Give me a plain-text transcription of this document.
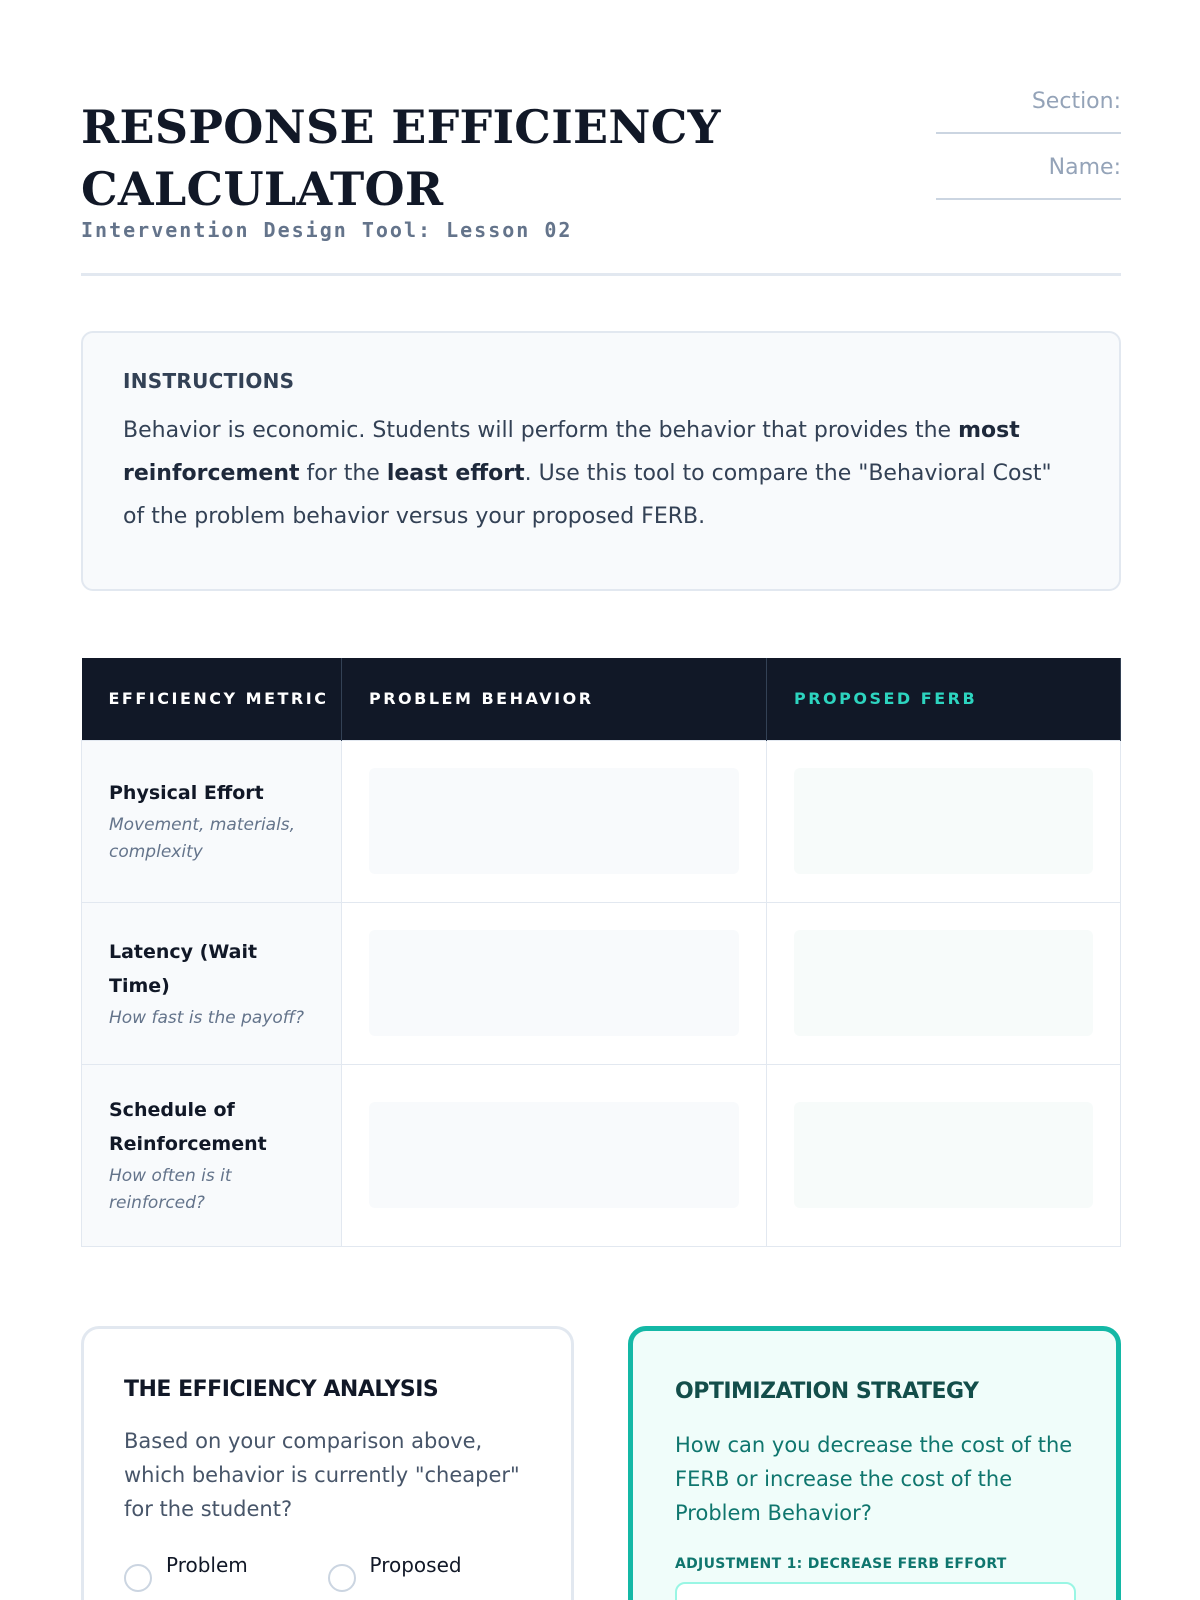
RESPONSE EFFICIENCY CALCULATOR
Intervention Design Tool: Lesson 02
Section:
Name:
INSTRUCTIONS

Behavior is economic. Students will perform the behavior that provides the most reinforcement for the least effort. Use this tool to compare the "Behavioral Cost" of the problem behavior versus your proposed FERB.

EFFICIENCY METRIC	PROBLEM BEHAVIOR	PROPOSED FERB

Physical Effort
Movement, materials, complexity		

Latency (Wait Time)
How fast is the payoff?		

Schedule of Reinforcement
How often is it reinforced?		

THE EFFICIENCY ANALYSIS
Based on your comparison above, which behavior is currently "cheaper" for the student?
Problem	Proposed
OPTIMIZATION STRATEGY
How can you decrease the cost of the FERB or increase the cost of the Problem Behavior?
ADJUSTMENT 1: DECREASE FERB EFFORT
